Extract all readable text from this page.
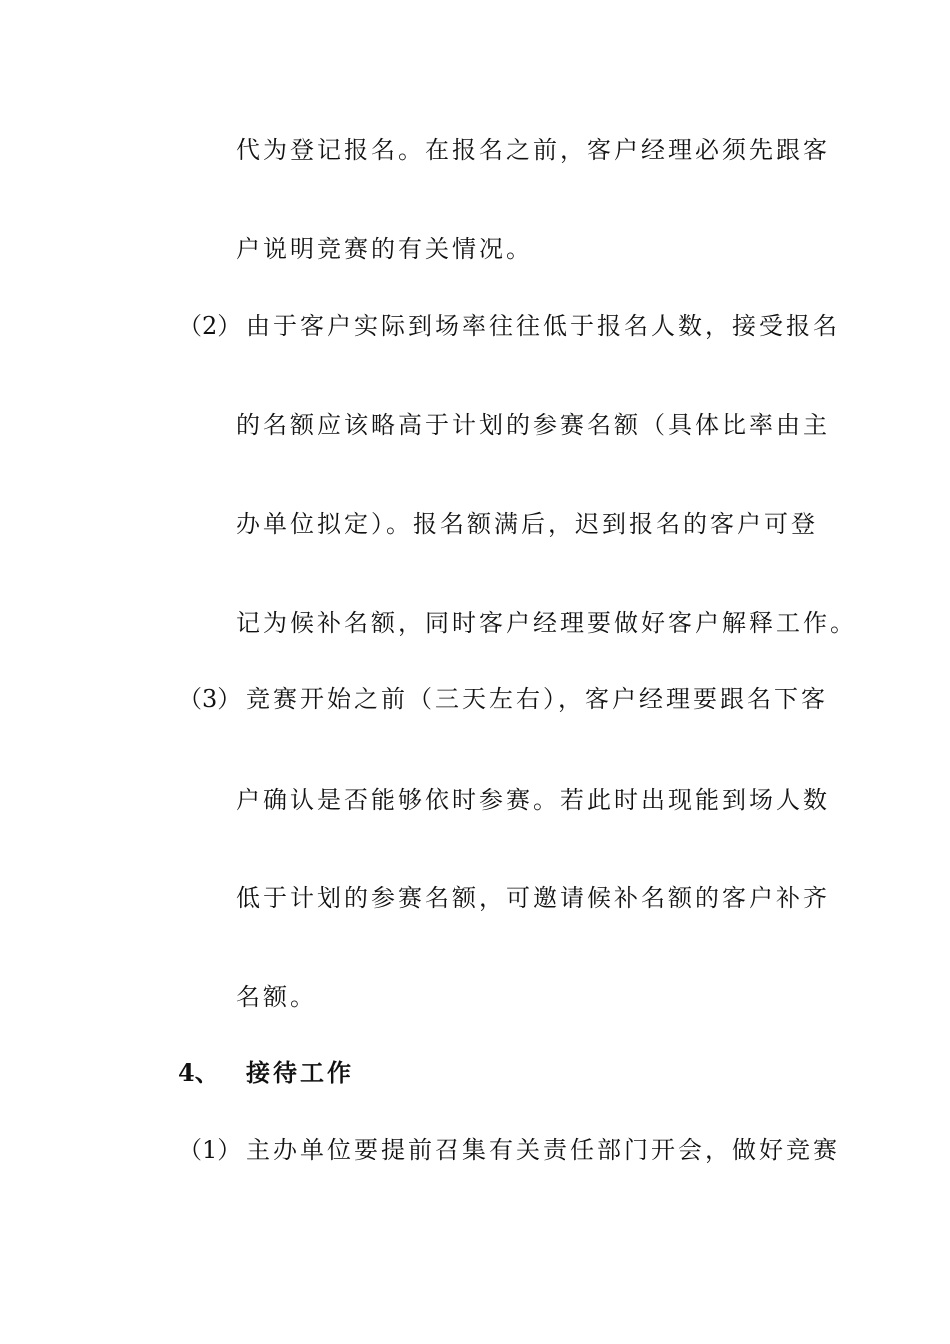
代为登记报名。在报名之前，客户经理必须先跟客
户说明竞赛的有关情况。
（2） 由于客户实际到场率往往低于报名人数，接受报名
的名额应该略高于计划的参赛名额（具体比率由主
办单位拟定）。报名额满后，迟到报名的客户可登
记为候补名额，同时客户经理要做好客户解释工作。
（3） 竞赛开始之前（三天左右），客户经理要跟名下客
户确认是否能够依时参赛。若此时出现能到场人数
低于计划的参赛名额，可邀请候补名额的客户补齐
名额。
4、 接待工作
（1） 主办单位要提前召集有关责任部门开会，做好竞赛
